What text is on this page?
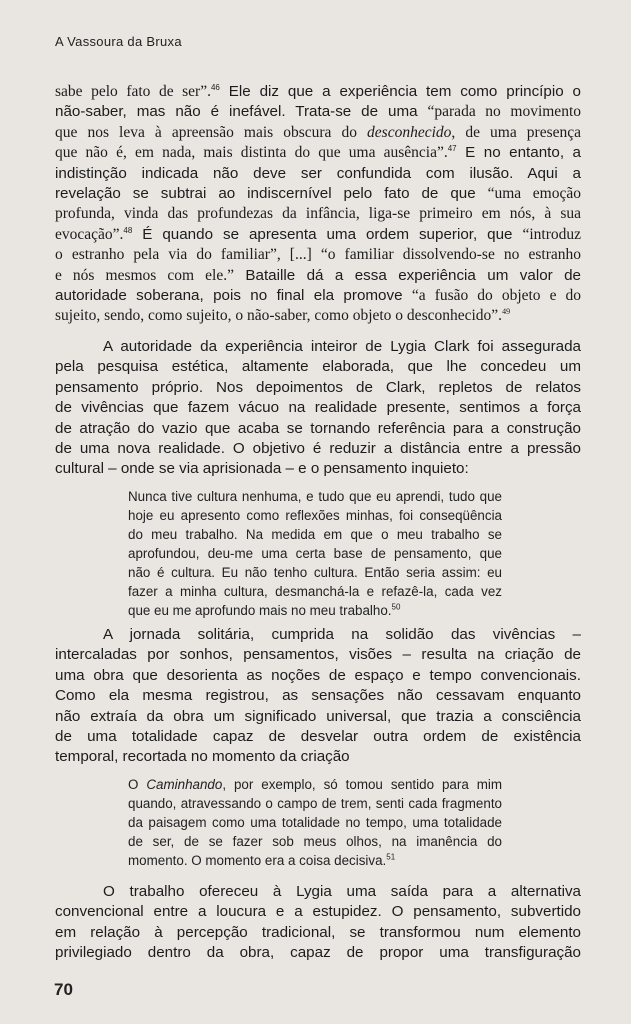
A Vassoura da Bruxa
sabe pelo fato de ser”.$^{46}$ Ele diz que a experiência tem como princípio o
não-saber, mas não é inefável. Trata-se de uma “parada no movimento
que nos leva à apreensão mais obscura do desconhecido, de uma presença
que não é, em nada, mais distinta do que uma ausência”.$^{47}$ E no entanto, a
indistinção indicada não deve ser confundida com ilusão. Aqui a
revelação se subtrai ao indiscernível pelo fato de que “uma emoção
profunda, vinda das profundezas da infância, liga-se primeiro em nós, à sua
evocação”.$^{48}$ É quando se apresenta uma ordem superior, que “introduz
o estranho pela via do familiar”, [...] “o familiar dissolvendo-se no estranho
e nós mesmos com ele.” Bataille dá a essa experiência um valor de
autoridade soberana, pois no final ela promove “a fusão do objeto e do
sujeito, sendo, como sujeito, o não-saber, como objeto o desconhecido”.$^{49}$
A autoridade da experiência inteiror de Lygia Clark foi assegurada
pela pesquisa estética, altamente elaborada, que lhe concedeu um
pensamento próprio. Nos depoimentos de Clark, repletos de relatos
de vivências que fazem vácuo na realidade presente, sentimos a força
de atração do vazio que acaba se tornando referência para a construção
de uma nova realidade. O objetivo é reduzir a distância entre a pressão
cultural – onde se via aprisionada – e o pensamento inquieto:
Nunca tive cultura nenhuma, e tudo que eu aprendi, tudo que
hoje eu apresento como reflexões minhas, foi conseqüência
do meu trabalho. Na medida em que o meu trabalho se
aprofundou, deu-me uma certa base de pensamento, que
não é cultura. Eu não tenho cultura. Então seria assim: eu
fazer a minha cultura, desmanchá-la e refazê-la, cada vez
que eu me aprofundo mais no meu trabalho.$^{50}$
A jornada solitária, cumprida na solidão das vivências –
intercaladas por sonhos, pensamentos, visões – resulta na criação de
uma obra que desorienta as noções de espaço e tempo convencionais.
Como ela mesma registrou, as sensações não cessavam enquanto
não extraía da obra um significado universal, que trazia a consciência
de uma totalidade capaz de desvelar outra ordem de existência
temporal, recortada no momento da criação
O Caminhando, por exemplo, só tomou sentido para mim
quando, atravessando o campo de trem, senti cada fragmento
da paisagem como uma totalidade no tempo, uma totalidade
de ser, de se fazer sob meus olhos, na imanência do
momento. O momento era a coisa decisiva.$^{51}$
O trabalho ofereceu à Lygia uma saída para a alternativa
convencional entre a loucura e a estupidez. O pensamento, subvertido
em relação à percepção tradicional, se transformou num elemento
privilegiado dentro da obra, capaz de propor uma transfiguração
70
